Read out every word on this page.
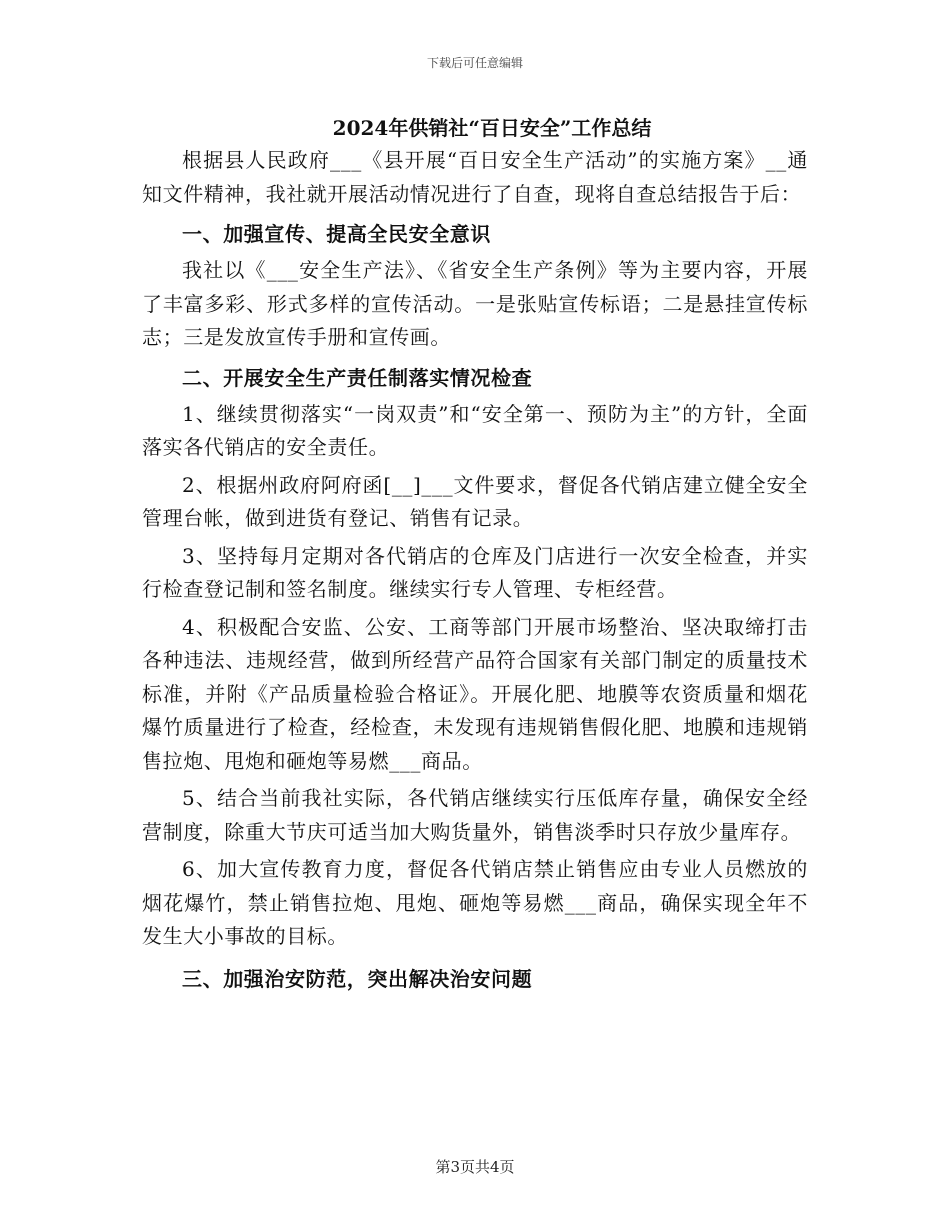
下载后可任意编辑
2024年供销社“百日安全”工作总结

根据县人民政府___《县开展“百日安全生产活动”的实施方案》__通知文件精神，我社就开展活动情况进行了自查，现将自查总结报告于后：

一、加强宣传、提高全民安全意识

我社以《___安全生产法》、《省安全生产条例》等为主要内容，开展了丰富多彩、形式多样的宣传活动。一是张贴宣传标语；二是悬挂宣传标志；三是发放宣传手册和宣传画。

二、开展安全生产责任制落实情况检查

1、继续贯彻落实“一岗双责”和“安全第一、预防为主”的方针，全面落实各代销店的安全责任。

2、根据州政府阿府函[__]___文件要求，督促各代销店建立健全安全管理台帐，做到进货有登记、销售有记录。

3、坚持每月定期对各代销店的仓库及门店进行一次安全检查，并实行检查登记制和签名制度。继续实行专人管理、专柜经营。

4、积极配合安监、公安、工商等部门开展市场整治、坚决取缔打击各种违法、违规经营，做到所经营产品符合国家有关部门制定的质量技术标准，并附《产品质量检验合格证》。开展化肥、地膜等农资质量和烟花爆竹质量进行了检查，经检查，未发现有违规销售假化肥、地膜和违规销售拉炮、甩炮和砸炮等易燃___商品。

5、结合当前我社实际，各代销店继续实行压低库存量，确保安全经营制度，除重大节庆可适当加大购货量外，销售淡季时只存放少量库存。

6、加大宣传教育力度，督促各代销店禁止销售应由专业人员燃放的烟花爆竹，禁止销售拉炮、甩炮、砸炮等易燃___商品，确保实现全年不发生大小事故的目标。

三、加强治安防范，突出解决治安问题
第3页共4页
